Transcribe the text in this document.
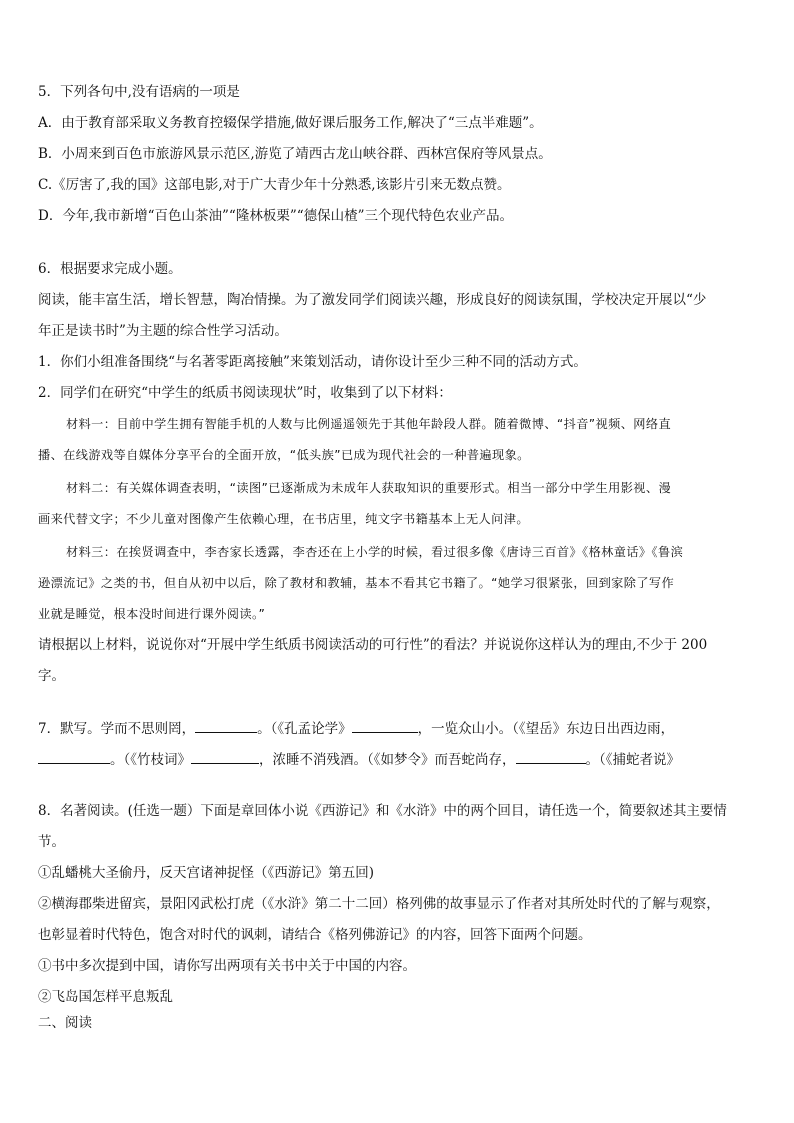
5．下列各句中,没有语病的一项是
A．由于教育部采取义务教育控辍保学措施,做好课后服务工作,解决了“三点半难题”。
B．小周来到百色市旅游风景示范区,游览了靖西古龙山峡谷群、西林宫保府等风景点。
C.《厉害了,我的国》这部电影,对于广大青少年十分熟悉,该影片引来无数点赞。
D．今年,我市新增“百色山茶油”“隆林板栗”“德保山楂”三个现代特色农业产品。
6．根据要求完成小题。
阅读，能丰富生活，增长智慧，陶冶情操。为了激发同学们阅读兴趣，形成良好的阅读氛围，学校决定开展以“少
年正是读书时”为主题的综合性学习活动。
1．你们小组准备围绕“与名著零距离接触”来策划活动，请你设计至少三种不同的活动方式。
2．同学们在研究“中学生的纸质书阅读现状”时，收集到了以下材料：
材料一：目前中学生拥有智能手机的人数与比例遥遥领先于其他年龄段人群。随着微博、“抖音”视频、网络直
播、在线游戏等自媒体分享平台的全面开放，“低头族”已成为现代社会的一种普遍现象。
材料二：有关媒体调查表明，“读图”已逐渐成为未成年人获取知识的重要形式。相当一部分中学生用影视、漫
画来代替文字；不少儿童对图像产生依赖心理，在书店里，纯文字书籍基本上无人问津。
材料三：在挨贤调查中，李杏家长透露，李杏还在上小学的时候，看过很多像《唐诗三百首》《格林童话》《鲁滨
逊漂流记》之类的书，但自从初中以后，除了教材和教辅，基本不看其它书籍了。“她学习很紧张，回到家除了写作
业就是睡觉，根本没时间进行课外阅读。”
请根据以上材料，说说你对“开展中学生纸质书阅读活动的可行性”的看法？并说说你这样认为的理由,不少于 200
字。
7．默写。学而不思则罔，	。（《孔孟论学》	，一览众山小。（《望岳》东边日出西边雨，
。（《竹枝词》	，浓睡不消残酒。（《如梦令》而吾蛇尚存，	。（《捕蛇者说》
8．名著阅读。(任选一题）下面是章回体小说《西游记》和《水浒》中的两个回目，请任选一个，简要叙述其主要情
节。
①乱蟠桃大圣偷丹，反天宫诸神捉怪（《西游记》第五回)
②横海郡柴进留宾，景阳冈武松打虎（《水浒》第二十二回）格列佛的故事显示了作者对其所处时代的了解与观察，
也彰显着时代特色，饱含对时代的讽刺，请结合《格列佛游记》的内容，回答下面两个问题。
①书中多次提到中国，请你写出两项有关书中关于中国的内容。
②飞岛国怎样平息叛乱
二、阅读
